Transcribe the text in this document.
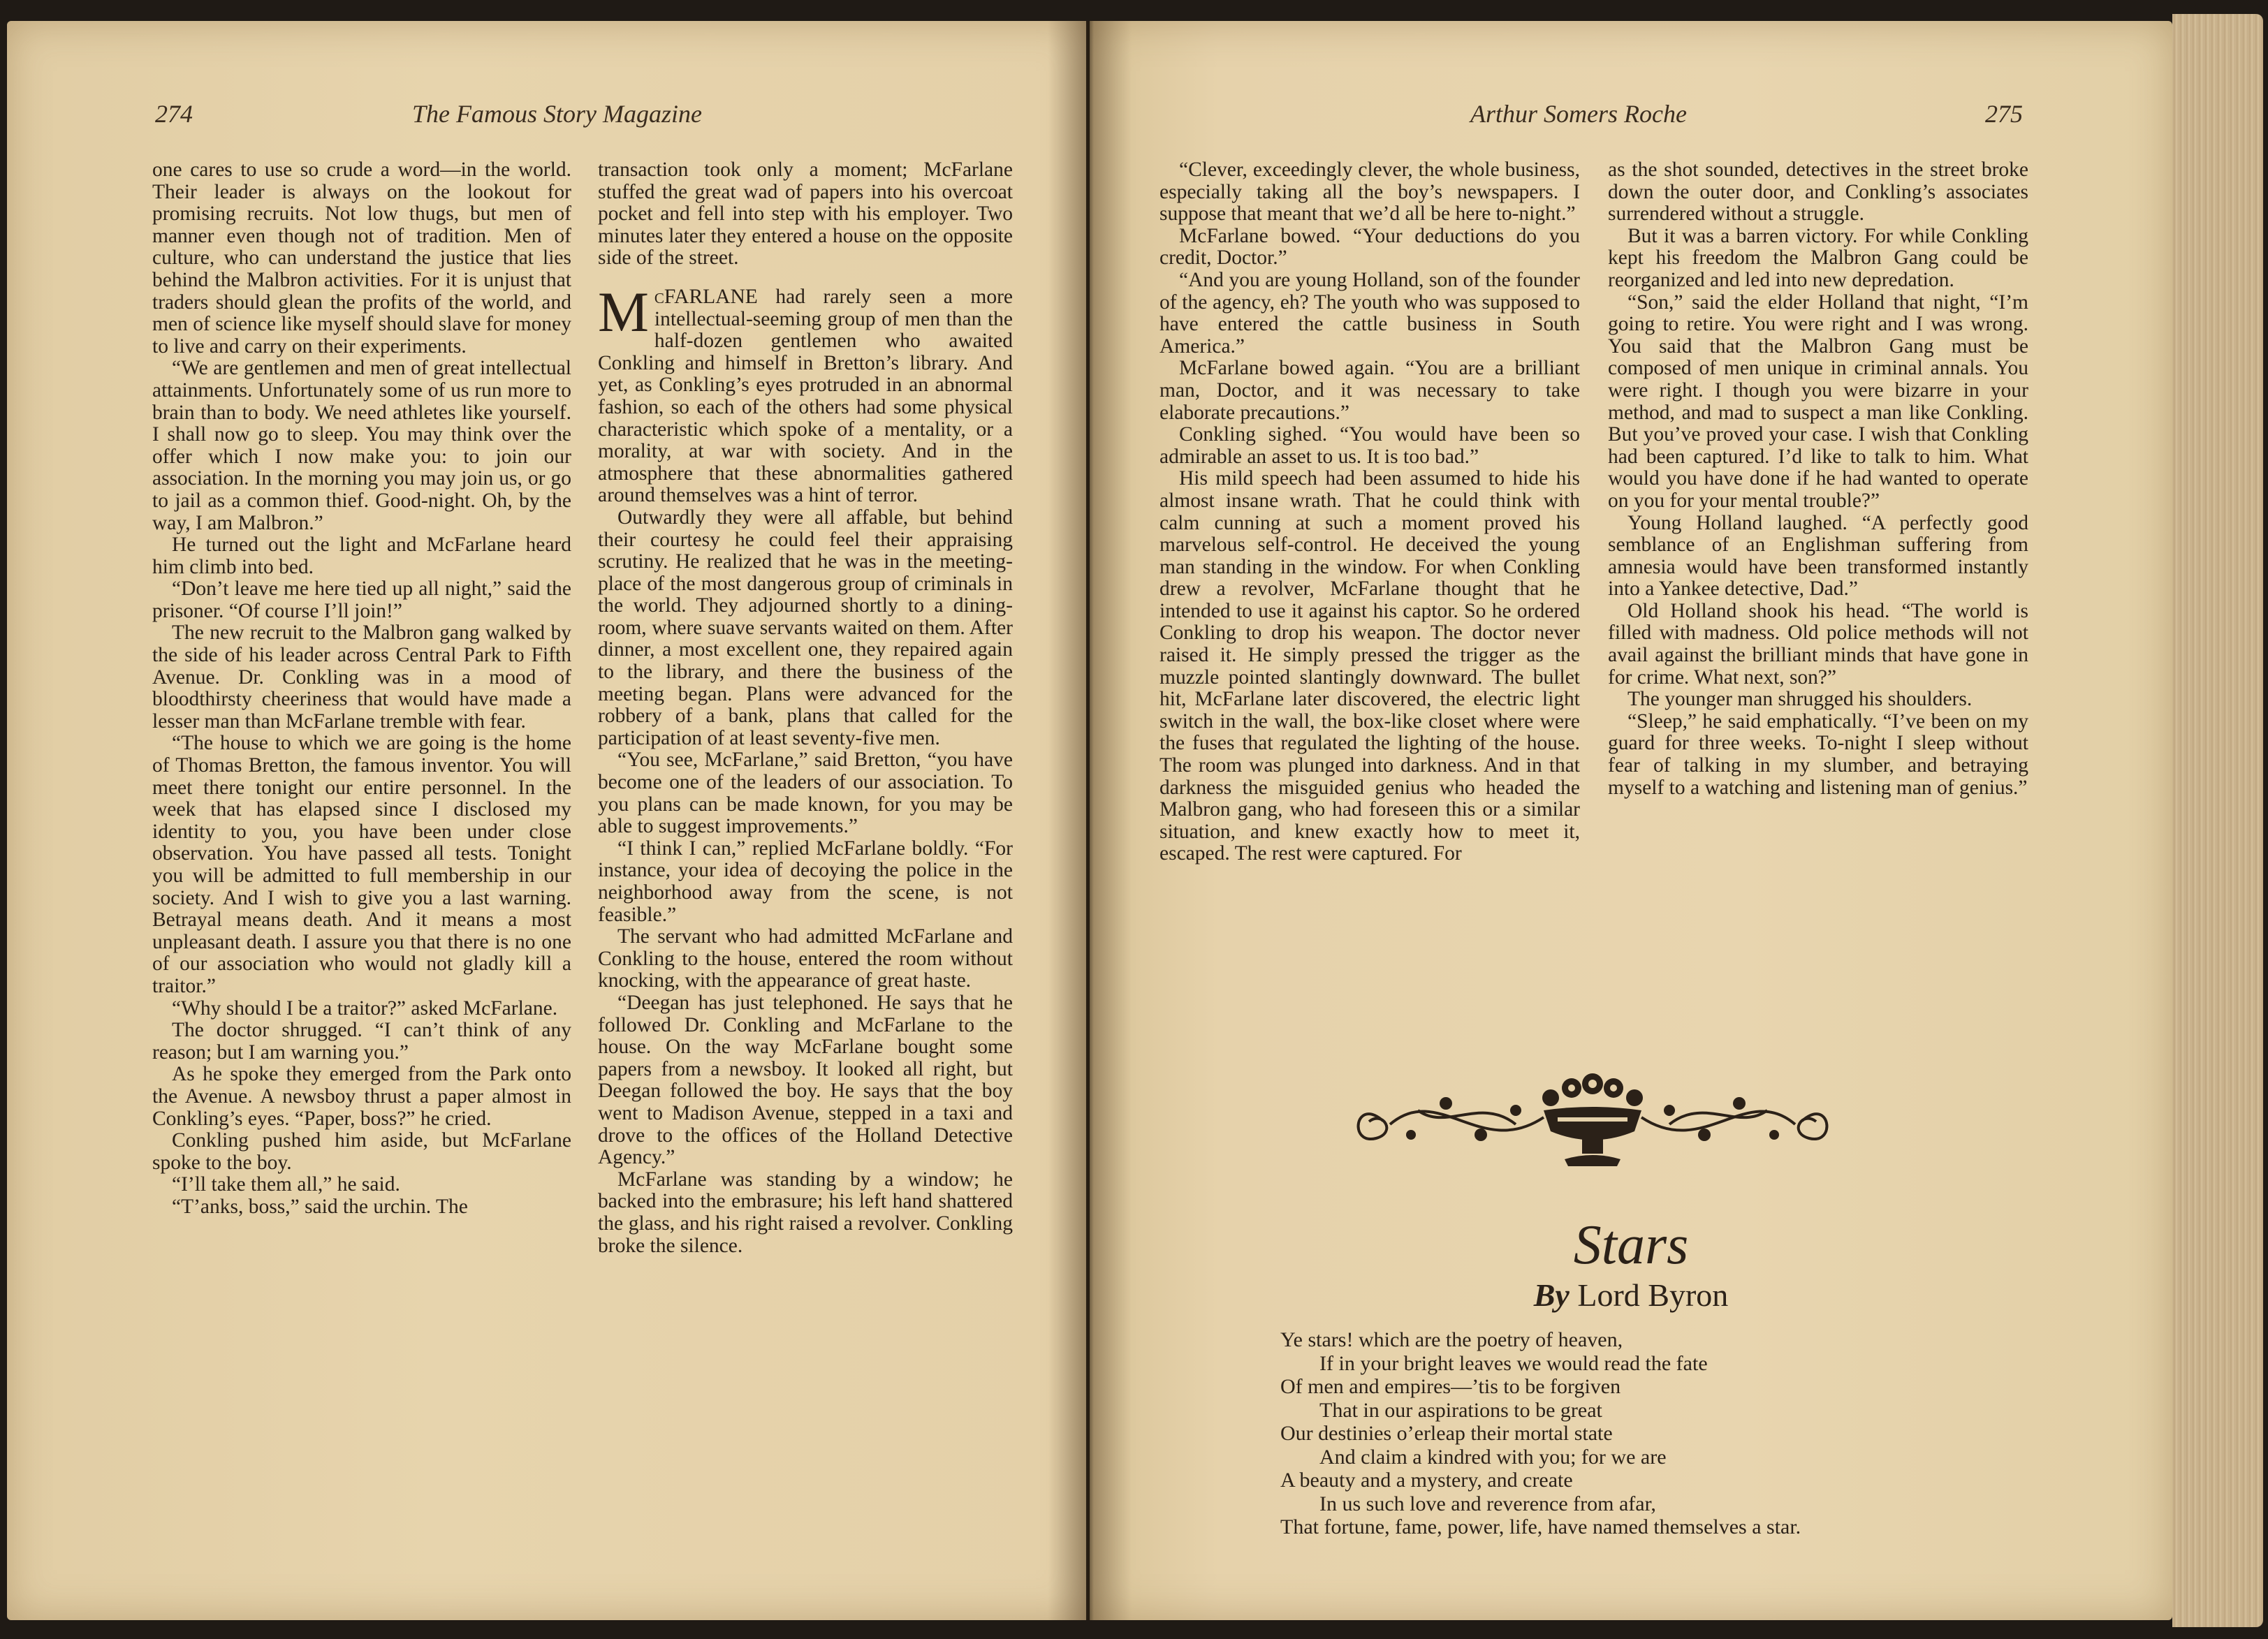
274	The Famous Story Magazine	Arthur Somers Roche	275

one cares to use so crude a word—in the world. Their leader is always on the lookout for promising recruits. Not low thugs, but men of manner even though not of tradition. Men of culture, who can understand the justice that lies behind the Malbron activities. For it is unjust that traders should glean the profits of the world, and men of science like myself should slave for money to live and carry on their experiments.

“We are gentlemen and men of great intellectual attainments. Unfortunately some of us run more to brain than to body. We need athletes like yourself. I shall now go to sleep. You may think over the offer which I now make you: to join our association. In the morning you may join us, or go to jail as a common thief. Good-night. Oh, by the way, I am Malbron.”

He turned out the light and McFarlane heard him climb into bed.

“Don’t leave me here tied up all night,” said the prisoner. “Of course I’ll join!”

The new recruit to the Malbron gang walked by the side of his leader across Central Park to Fifth Avenue. Dr. Conkling was in a mood of bloodthirsty cheeriness that would have made a lesser man than McFarlane tremble with fear.

“The house to which we are going is the home of Thomas Bretton, the famous inventor. You will meet there tonight our entire personnel. In the week that has elapsed since I disclosed my identity to you, you have been under close observation. You have passed all tests. Tonight you will be admitted to full membership in our society. And I wish to give you a last warning. Betrayal means death. And it means a most unpleasant death. I assure you that there is no one of our association who would not gladly kill a traitor.”

“Why should I be a traitor?” asked McFarlane.

The doctor shrugged. “I can’t think of any reason; but I am warning you.”

As he spoke they emerged from the Park onto the Avenue. A newsboy thrust a paper almost in Conkling’s eyes. “Paper, boss?” he cried.

Conkling pushed him aside, but McFarlane spoke to the boy.

“I’ll take them all,” he said.

“T’anks, boss,” said the urchin. The

transaction took only a moment; McFarlane stuffed the great wad of papers into his overcoat pocket and fell into step with his employer. Two minutes later they entered a house on the opposite side of the street.

McFARLANE had rarely seen a more intellectual-seeming group of men than the half-dozen gentlemen who awaited Conkling and himself in Bretton’s library. And yet, as Conkling’s eyes protruded in an abnormal fashion, so each of the others had some physical characteristic which spoke of a mentality, or a morality, at war with society. And in the atmosphere that these abnormalities gathered around themselves was a hint of terror.

Outwardly they were all affable, but behind their courtesy he could feel their appraising scrutiny. He realized that he was in the meeting-place of the most dangerous group of criminals in the world. They adjourned shortly to a dining-room, where suave servants waited on them. After dinner, a most excellent one, they repaired again to the library, and there the business of the meeting began. Plans were advanced for the robbery of a bank, plans that called for the participation of at least seventy-five men.

“You see, McFarlane,” said Bretton, “you have become one of the leaders of our association. To you plans can be made known, for you may be able to suggest improvements.”

“I think I can,” replied McFarlane boldly. “For instance, your idea of decoying the police in the neighborhood away from the scene, is not feasible.”

The servant who had admitted McFarlane and Conkling to the house, entered the room without knocking, with the appearance of great haste.

“Deegan has just telephoned. He says that he followed Dr. Conkling and McFarlane to the house. On the way McFarlane bought some papers from a newsboy. It looked all right, but Deegan followed the boy. He says that the boy went to Madison Avenue, stepped in a taxi and drove to the offices of the Holland Detective Agency.”

McFarlane was standing by a window; he backed into the embrasure; his left hand shattered the glass, and his right raised a revolver. Conkling broke the silence.

“Clever, exceedingly clever, the whole business, especially taking all the boy’s newspapers. I suppose that meant that we’d all be here to-night.”

McFarlane bowed. “Your deductions do you credit, Doctor.”

“And you are young Holland, son of the founder of the agency, eh? The youth who was supposed to have entered the cattle business in South America.”

McFarlane bowed again. “You are a brilliant man, Doctor, and it was necessary to take elaborate precautions.”

Conkling sighed. “You would have been so admirable an asset to us. It is too bad.”

His mild speech had been assumed to hide his almost insane wrath. That he could think with calm cunning at such a moment proved his marvelous self-control. He deceived the young man standing in the window. For when Conkling drew a revolver, McFarlane thought that he intended to use it against his captor. So he ordered Conkling to drop his weapon. The doctor never raised it. He simply pressed the trigger as the muzzle pointed slantingly downward. The bullet hit, McFarlane later discovered, the electric light switch in the wall, the box-like closet where were the fuses that regulated the lighting of the house. The room was plunged into darkness. And in that darkness the misguided genius who headed the Malbron gang, who had foreseen this or a similar situation, and knew exactly how to meet it, escaped. The rest were captured. For

as the shot sounded, detectives in the street broke down the outer door, and Conkling’s associates surrendered without a struggle.

But it was a barren victory. For while Conkling kept his freedom the Malbron Gang could be reorganized and led into new depredation.

“Son,” said the elder Holland that night, “I’m going to retire. You were right and I was wrong. You said that the Malbron Gang must be composed of men unique in criminal annals. You were right. I though you were bizarre in your method, and mad to suspect a man like Conkling. But you’ve proved your case. I wish that Conkling had been captured. I’d like to talk to him. What would you have done if he had wanted to operate on you for your mental trouble?”

Young Holland laughed. “A perfectly good semblance of an Englishman suffering from amnesia would have been transformed instantly into a Yankee detective, Dad.”

Old Holland shook his head. “The world is filled with madness. Old police methods will not avail against the brilliant minds that have gone in for crime. What next, son?”

The younger man shrugged his shoulders.

“Sleep,” he said emphatically. “I’ve been on my guard for three weeks. To-night I sleep without fear of talking in my slumber, and betraying myself to a watching and listening man of genius.”

Stars
By Lord Byron
Ye stars! which are the poetry of heaven,
If in your bright leaves we would read the fate
Of men and empires—’tis to be forgiven
That in our aspirations to be great
Our destinies o’erleap their mortal state
And claim a kindred with you; for we are
A beauty and a mystery, and create
In us such love and reverence from afar,
That fortune, fame, power, life, have named themselves a star.
